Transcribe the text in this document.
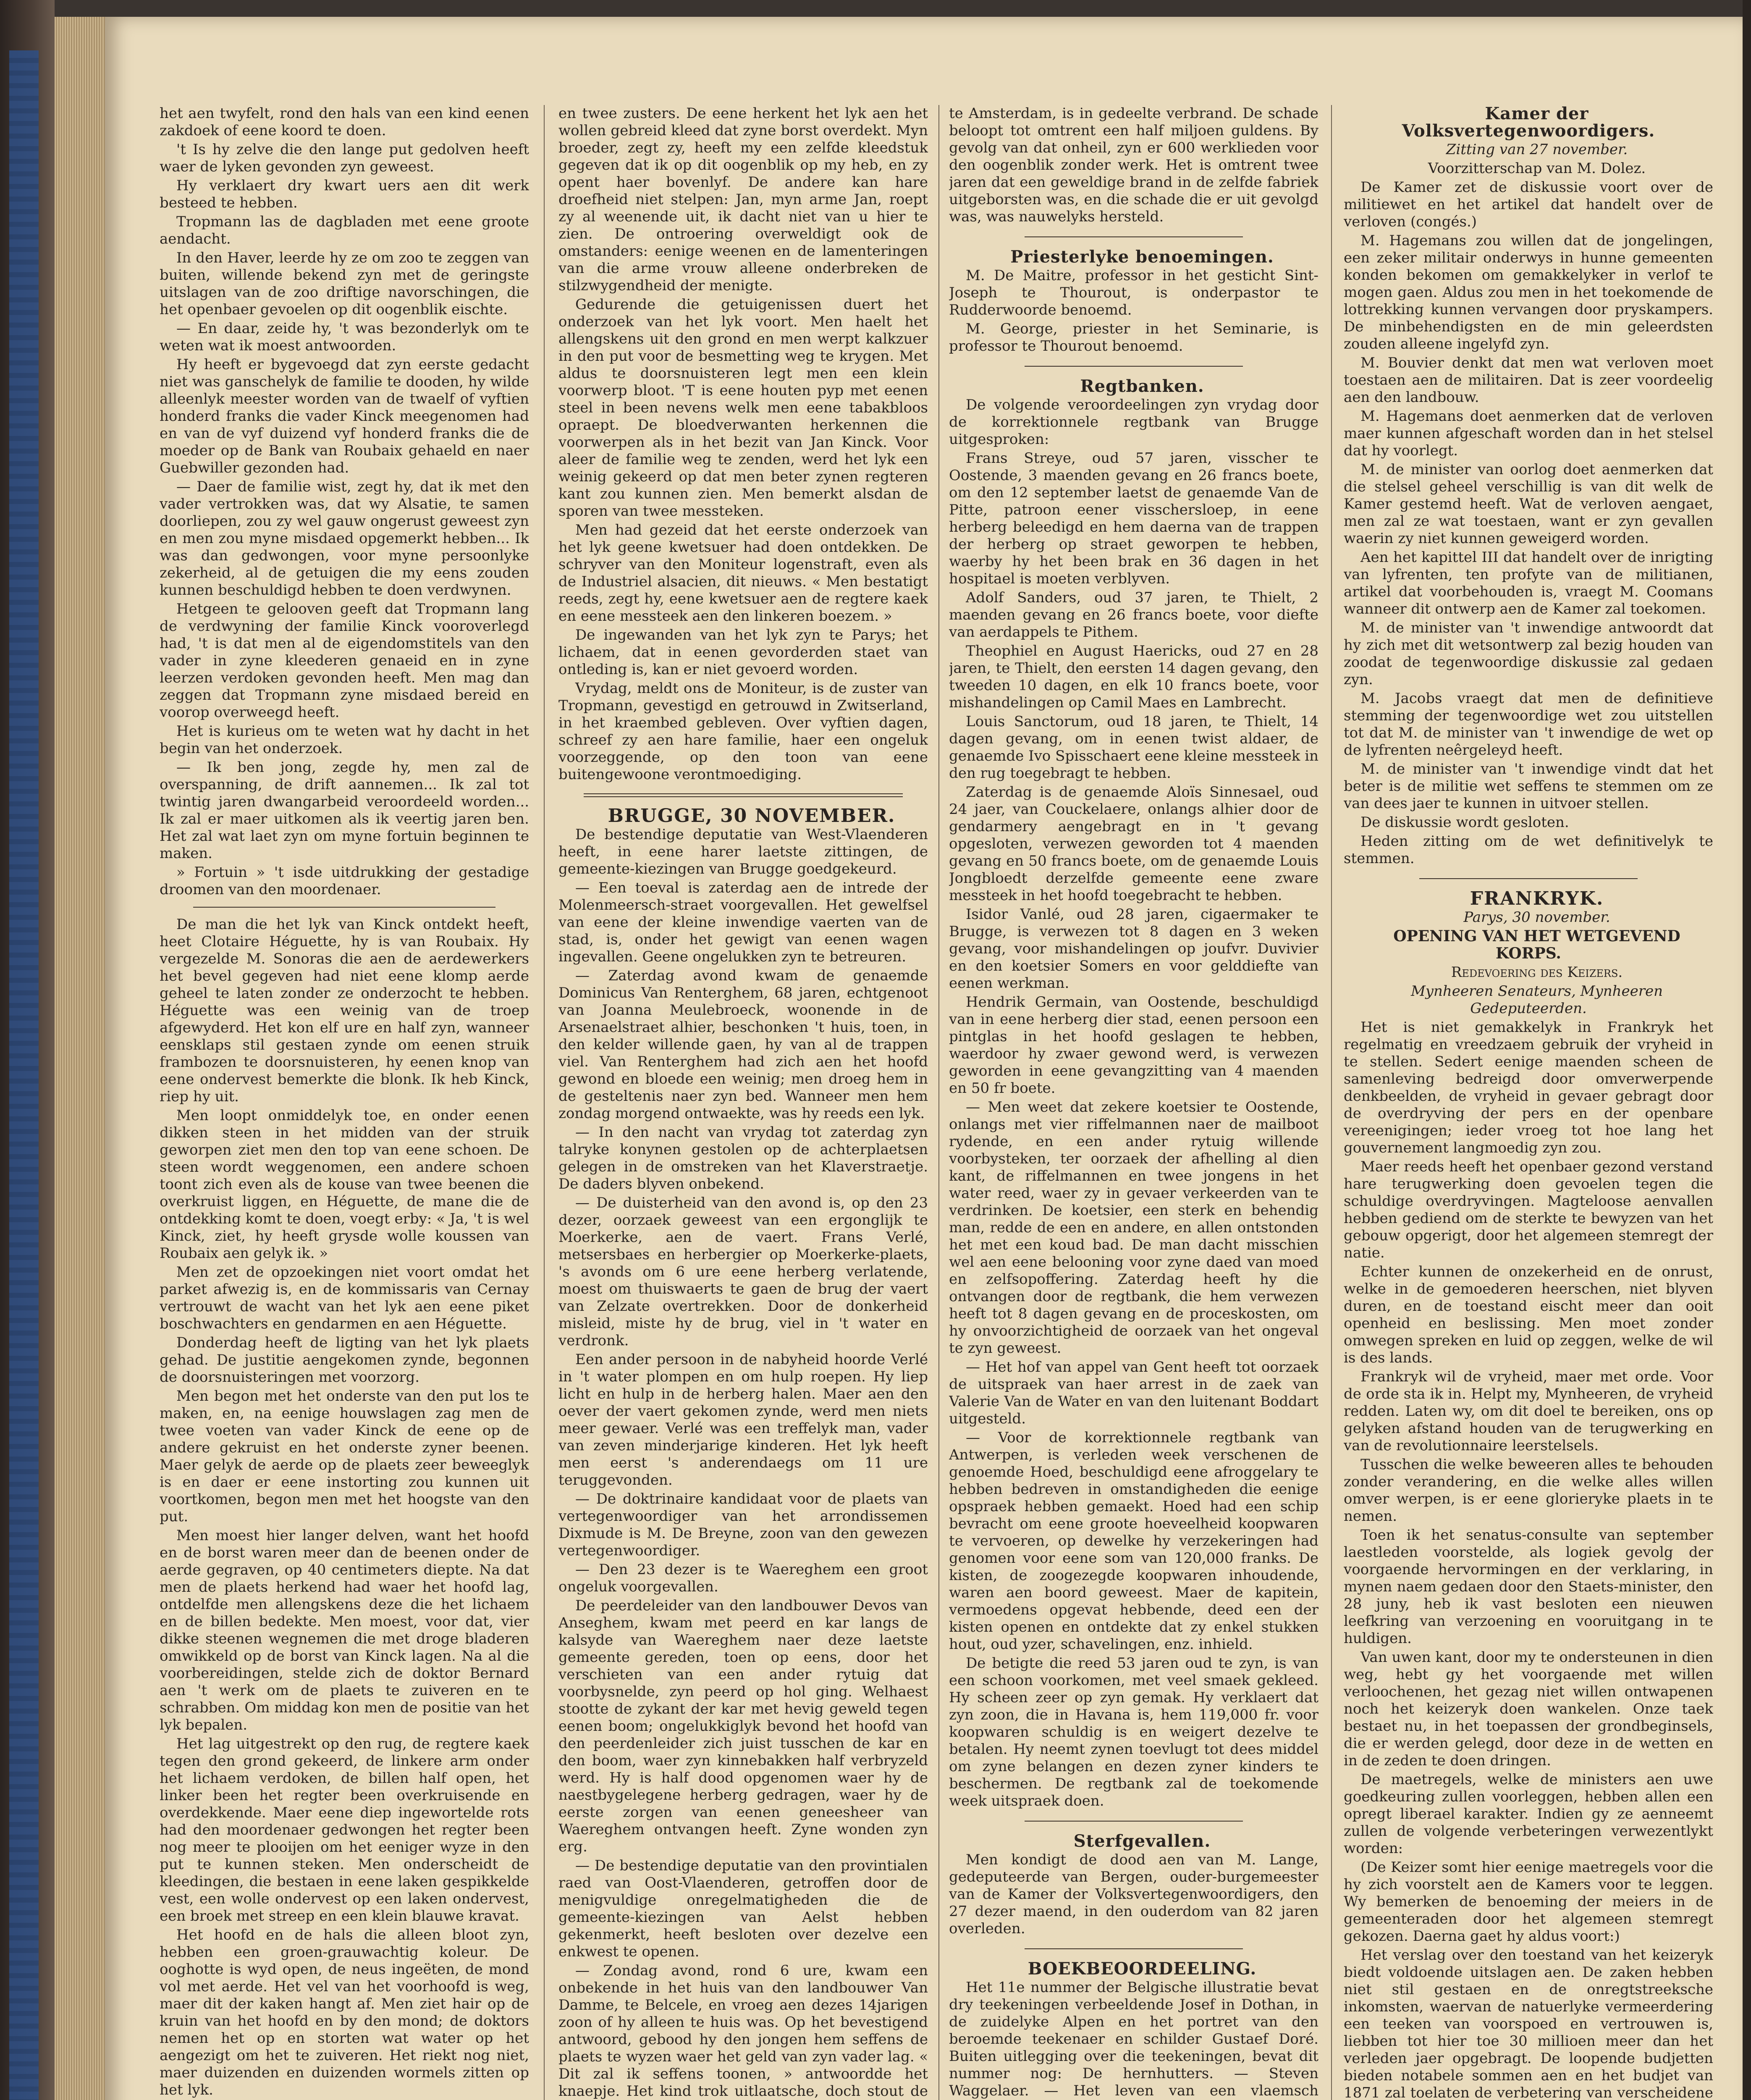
het aen twyfelt, rond den hals van een kind eenen zakdoek of eene koord te doen.

't Is hy zelve die den lange put gedolven heeft waer de lyken gevonden zyn geweest.

Hy verklaert dry kwart uers aen dit werk besteed te hebben.

Tropmann las de dagbladen met eene groote aendacht.

In den Haver, leerde hy ze om zoo te zeggen van buiten, willende bekend zyn met de geringste uitslagen van de zoo driftige navorschingen, die het openbaer gevoelen op dit oogenblik eischte.

— En daar, zeide hy, 't was bezonderlyk om te weten wat ik moest antwoorden.

Hy heeft er bygevoegd dat zyn eerste gedacht niet was ganschelyk de familie te dooden, hy wilde alleenlyk meester worden van de twaelf of vyftien honderd franks die vader Kinck meegenomen had en van de vyf duizend vyf honderd franks die de moeder op de Bank van Roubaix gehaeld en naer Guebwiller gezonden had.

— Daer de familie wist, zegt hy, dat ik met den vader vertrokken was, dat wy Alsatie, te samen doorliepen, zou zy wel gauw ongerust geweest zyn en men zou myne misdaed opgemerkt hebben... Ik was dan gedwongen, voor myne persoonlyke zekerheid, al de getuigen die my eens zouden kunnen beschuldigd hebben te doen verdwynen.

Hetgeen te gelooven geeft dat Tropmann lang de verdwyning der familie Kinck vooroverlegd had, 't is dat men al de eigendomstitels van den vader in zyne kleederen genaeid en in zyne leerzen verdoken gevonden heeft. Men mag dan zeggen dat Tropmann zyne misdaed bereid en voorop overweegd heeft.

Het is kurieus om te weten wat hy dacht in het begin van het onderzoek.

— Ik ben jong, zegde hy, men zal de overspanning, de drift aannemen... Ik zal tot twintig jaren dwangarbeid veroordeeld worden... Ik zal er maer uitkomen als ik veertig jaren ben. Het zal wat laet zyn om myne fortuin beginnen te maken.

» Fortuin » 't isde uitdrukking der gestadige droomen van den moordenaer.

De man die het lyk van Kinck ontdekt heeft, heet Clotaire Héguette, hy is van Roubaix. Hy vergezelde M. Sonoras die aen de aerdewerkers het bevel gegeven had niet eene klomp aerde geheel te laten zonder ze onderzocht te hebben. Héguette was een weinig van de troep afgewyderd. Het kon elf ure en half zyn, wanneer eensklaps stil gestaen zynde om eenen struik frambozen te doorsnuisteren, hy eenen knop van eene ondervest bemerkte die blonk. Ik heb Kinck, riep hy uit.

Men loopt onmiddelyk toe, en onder eenen dikken steen in het midden van der struik geworpen ziet men den top van eene schoen. De steen wordt weggenomen, een andere schoen toont zich even als de kouse van twee beenen die overkruist liggen, en Héguette, de mane die de ontdekking komt te doen, voegt erby: « Ja, 't is wel Kinck, ziet, hy heeft grysde wolle koussen van Roubaix aen gelyk ik. »

Men zet de opzoekingen niet voort omdat het parket afwezig is, en de kommissaris van Cernay vertrouwt de wacht van het lyk aen eene piket boschwachters en gendarmen en aen Héguette.

Donderdag heeft de ligting van het lyk plaets gehad. De justitie aengekomen zynde, begonnen de doorsnuisteringen met voorzorg.

Men begon met het onderste van den put los te maken, en, na eenige houwslagen zag men de twee voeten van vader Kinck de eene op de andere gekruist en het onderste zyner beenen. Maer gelyk de aerde op de plaets zeer beweeglyk is en daer er eene instorting zou kunnen uit voortkomen, begon men met het hoogste van den put.

Men moest hier langer delven, want het hoofd en de borst waren meer dan de beenen onder de aerde gegraven, op 40 centimeters diepte. Na dat men de plaets herkend had waer het hoofd lag, ontdelfde men allengskens deze die het lichaem en de billen bedekte. Men moest, voor dat, vier dikke steenen wegnemen die met droge bladeren omwikkeld op de borst van Kinck lagen. Na al die voorbereidingen, stelde zich de doktor Bernard aen 't werk om de plaets te zuiveren en te schrabben. Om middag kon men de positie van het lyk bepalen.

Het lag uitgestrekt op den rug, de regtere kaek tegen den grond gekeerd, de linkere arm onder het lichaem verdoken, de billen half open, het linker been het regter been overkruisende en overdekkende. Maer eene diep ingewortelde rots had den moordenaer gedwongen het regter been nog meer te plooijen om het eeniger wyze in den put te kunnen steken. Men onderscheidt de kleedingen, die bestaen in eene laken gespikkelde vest, een wolle ondervest op een laken ondervest, een broek met streep en een klein blauwe kravat.

Het hoofd en de hals die alleen bloot zyn, hebben een groen-grauwachtig koleur. De ooghotte is wyd open, de neus ingeëten, de mond vol met aerde. Het vel van het voorhoofd is weg, maer dit der kaken hangt af. Men ziet hair op de kruin van het hoofd en by den mond; de doktors nemen het op en storten wat water op het aengezigt om het te zuiveren. Het riekt nog niet, maer duizenden en duizenden wormels zitten op het lyk.

en twee zusters. De eene herkent het lyk aen het wollen gebreid kleed dat zyne borst overdekt. Myn broeder, zegt zy, heeft my een zelfde kleedstuk gegeven dat ik op dit oogenblik op my heb, en zy opent haer bovenlyf. De andere kan hare droefheid niet stelpen: Jan, myn arme Jan, roept zy al weenende uit, ik dacht niet van u hier te zien. De ontroering overweldigt ook de omstanders: eenige weenen en de lamenteringen van die arme vrouw alleene onderbreken de stilzwygendheid der menigte.

Gedurende die getuigenissen duert het onderzoek van het lyk voort. Men haelt het allengskens uit den grond en men werpt kalkzuer in den put voor de besmetting weg te krygen. Met aldus te doorsnuisteren legt men een klein voorwerp bloot. 'T is eene houten pyp met eenen steel in been nevens welk men eene tabakbloos opraept. De bloedverwanten herkennen die voorwerpen als in het bezit van Jan Kinck. Voor aleer de familie weg te zenden, werd het lyk een weinig gekeerd op dat men beter zynen regteren kant zou kunnen zien. Men bemerkt alsdan de sporen van twee messteken.

Men had gezeid dat het eerste onderzoek van het lyk geene kwetsuer had doen ontdekken. De schryver van den Moniteur logenstraft, even als de Industriel alsacien, dit nieuws. « Men bestatigt reeds, zegt hy, eene kwetsuer aen de regtere kaek en eene messteek aen den linkeren boezem. »

De ingewanden van het lyk zyn te Parys; het lichaem, dat in eenen gevorderden staet van ontleding is, kan er niet gevoerd worden.

Vrydag, meldt ons de Moniteur, is de zuster van Tropmann, gevestigd en getrouwd in Zwitserland, in het kraembed gebleven. Over vyftien dagen, schreef zy aen hare familie, haer een ongeluk voorzeggende, op den toon van eene buitengewoone verontmoediging.

BRUGGE, 30 NOVEMBER.

De bestendige deputatie van West-Vlaenderen heeft, in eene harer laetste zittingen, de gemeente-kiezingen van Brugge goedgekeurd.

— Een toeval is zaterdag aen de intrede der Molenmeersch-straet voorgevallen. Het gewelfsel van eene der kleine inwendige vaerten van de stad, is, onder het gewigt van eenen wagen ingevallen. Geene ongelukken zyn te betreuren.

— Zaterdag avond kwam de genaemde Dominicus Van Renterghem, 68 jaren, echtgenoot van Joanna Meulebroeck, woonende in de Arsenaelstraet alhier, beschonken 't huis, toen, in den kelder willende gaen, hy van al de trappen viel. Van Renterghem had zich aen het hoofd gewond en bloede een weinig; men droeg hem in de gesteltenis naer zyn bed. Wanneer men hem zondag morgend ontwaekte, was hy reeds een lyk.

— In den nacht van vrydag tot zaterdag zyn talryke konynen gestolen op de achterplaetsen gelegen in de omstreken van het Klaverstraetje. De daders blyven onbekend.

— De duisterheid van den avond is, op den 23 dezer, oorzaek geweest van een ergonglijk te Moerkerke, aen de vaert. Frans Verlé, metsersbaes en herbergier op Moerkerke-plaets, 's avonds om 6 ure eene herberg verlatende, moest om thuiswaerts te gaen de brug der vaert van Zelzate overtrekken. Door de donkerheid misleid, miste hy de brug, viel in 't water en verdronk.

Een ander persoon in de nabyheid hoorde Verlé in 't water plompen en om hulp roepen. Hy liep licht en hulp in de herberg halen. Maer aen den oever der vaert gekomen zynde, werd men niets meer gewaer. Verlé was een treffelyk man, vader van zeven minderjarige kinderen. Het lyk heeft men eerst 's anderendaegs om 11 ure teruggevonden.

— De doktrinaire kandidaat voor de plaets van vertegenwoordiger van het arrondissemen Dixmude is M. De Breyne, zoon van den gewezen vertegenwoordiger.

— Den 23 dezer is te Waereghem een groot ongeluk voorgevallen.

De peerdeleider van den landbouwer Devos van Anseghem, kwam met peerd en kar langs de kalsyde van Waereghem naer deze laetste gemeente gereden, toen op eens, door het verschieten van een ander rytuig dat voorbysnelde, zyn peerd op hol ging. Welhaest stootte de zykant der kar met hevig geweld tegen eenen boom; ongelukkiglyk bevond het hoofd van den peerdenleider zich juist tusschen de kar en den boom, waer zyn kinnebakken half verbryzeld werd. Hy is half dood opgenomen waer hy de naestbygelegene herberg gedragen, waer hy de eerste zorgen van eenen geneesheer van Waereghem ontvangen heeft. Zyne wonden zyn erg.

— De bestendige deputatie van den provintialen raed van Oost-Vlaenderen, getroffen door de menigvuldige onregelmatigheden die de gemeente-kiezingen van Aelst hebben gekenmerkt, heeft besloten over dezelve een enkwest te openen.

— Zondag avond, rond 6 ure, kwam een onbekende in het huis van den landbouwer Van Damme, te Belcele, en vroeg aen dezes 14jarigen zoon of hy alleen te huis was. Op het bevestigend antwoord, gebood hy den jongen hem seffens de plaets te wyzen waer het geld van zyn vader lag. « Dit zal ik seffens toonen, » antwoordde het knaepje. Het kind trok uitlaatsche, doch stout de

te Amsterdam, is in gedeelte verbrand. De schade beloopt tot omtrent een half miljoen guldens. By gevolg van dat onheil, zyn er 600 werklieden voor den oogenblik zonder werk. Het is omtrent twee jaren dat een geweldige brand in de zelfde fabriek uitgeborsten was, en die schade die er uit gevolgd was, was nauwelyks hersteld.

Priesterlyke benoemingen.

M. De Maitre, professor in het gesticht Sint-Joseph te Thourout, is onderpastor te Rudderwoorde benoemd.

M. George, priester in het Seminarie, is professor te Thourout benoemd.

Regtbanken.

De volgende veroordeelingen zyn vrydag door de korrektionnele regtbank van Brugge uitgesproken:

Frans Streye, oud 57 jaren, visscher te Oostende, 3 maenden gevang en 26 francs boete, om den 12 september laetst de genaemde Van de Pitte, patroon eener visschersloep, in eene herberg beleedigd en hem daerna van de trappen der herberg op straet geworpen te hebben, waerby hy het been brak en 36 dagen in het hospitael is moeten verblyven.

Adolf Sanders, oud 37 jaren, te Thielt, 2 maenden gevang en 26 francs boete, voor diefte van aerdappels te Pithem.

Theophiel en August Haericks, oud 27 en 28 jaren, te Thielt, den eersten 14 dagen gevang, den tweeden 10 dagen, en elk 10 francs boete, voor mishandelingen op Camil Maes en Lambrecht.

Louis Sanctorum, oud 18 jaren, te Thielt, 14 dagen gevang, om in eenen twist aldaer, de genaemde Ivo Spisschaert eene kleine messteek in den rug toegebragt te hebben.

Zaterdag is de genaemde Aloïs Sinnesael, oud 24 jaer, van Couckelaere, onlangs alhier door de gendarmery aengebragt en in 't gevang opgesloten, verwezen geworden tot 4 maenden gevang en 50 francs boete, om de genaemde Louis Jongbloedt derzelfde gemeente eene zware messteek in het hoofd toegebracht te hebben.

Isidor Vanlé, oud 28 jaren, cigaermaker te Brugge, is verwezen tot 8 dagen en 3 weken gevang, voor mishandelingen op joufvr. Duvivier en den koetsier Somers en voor gelddiefte van eenen werkman.

Hendrik Germain, van Oostende, beschuldigd van in eene herberg dier stad, eenen persoon een pintglas in het hoofd geslagen te hebben, waerdoor hy zwaer gewond werd, is verwezen geworden in eene gevangzitting van 4 maenden en 50 fr boete.

— Men weet dat zekere koetsier te Oostende, onlangs met vier riffelmannen naer de mailboot rydende, en een ander rytuig willende voorbysteken, ter oorzaek der afhelling al dien kant, de riffelmannen en twee jongens in het water reed, waer zy in gevaer verkeerden van te verdrinken. De koetsier, een sterk en behendig man, redde de een en andere, en allen ontstonden het met een koud bad. De man dacht misschien wel aen eene belooning voor zyne daed van moed en zelfsopoffering. Zaterdag heeft hy die ontvangen door de regtbank, die hem verwezen heeft tot 8 dagen gevang en de proceskosten, om hy onvoorzichtigheid de oorzaek van het ongeval te zyn geweest.

— Het hof van appel van Gent heeft tot oorzaek de uitspraek van haer arrest in de zaek van Valerie Van de Water en van den luitenant Boddart uitgesteld.

— Voor de korrektionnele regtbank van Antwerpen, is verleden week verschenen de genoemde Hoed, beschuldigd eene afroggelary te hebben bedreven in omstandigheden die eenige opspraek hebben gemaekt. Hoed had een schip bevracht om eene groote hoeveelheid koopwaren te vervoeren, op dewelke hy verzekeringen had genomen voor eene som van 120,000 franks. De kisten, de zoogezegde koopwaren inhoudende, waren aen boord geweest. Maer de kapitein, vermoedens opgevat hebbende, deed een der kisten openen en ontdekte dat zy enkel stukken hout, oud yzer, schavelingen, enz. inhield.

De betigte die reed 53 jaren oud te zyn, is van een schoon voorkomen, met veel smaek gekleed. Hy scheen zeer op zyn gemak. Hy verklaert dat zyn zoon, die in Havana is, hem 119,000 fr. voor koopwaren schuldig is en weigert dezelve te betalen. Hy neemt zynen toevlugt tot dees middel om zyne belangen en dezen zyner kinders te beschermen. De regtbank zal de toekomende week uitspraek doen.

Sterfgevallen.

Men kondigt de dood aen van M. Lange, gedeputeerde van Bergen, ouder-burgemeester van de Kamer der Volksvertegenwoordigers, den 27 dezer maend, in den ouderdom van 82 jaren overleden.

BOEKBEOORDEELING.

Het 11e nummer der Belgische illustratie bevat dry teekeningen verbeeldende Josef in Dothan, in de zuidelyke Alpen en het portret van den beroemde teekenaer en schilder Gustaef Doré. Buiten uitlegging over die teekeningen, bevat dit nummer nog: De hernhutters. — Steven Waggelaer. — Het leven van een vlaemsch

Kamer der Volksvertegenwoordigers.

Zitting van 27 november.

Voorzitterschap van M. Dolez.

De Kamer zet de diskussie voort over de militiewet en het artikel dat handelt over de verloven (congés.)

M. Hagemans zou willen dat de jongelingen, een zeker militair onderwys in hunne gemeenten konden bekomen om gemakkelyker in verlof te mogen gaen. Aldus zou men in het toekomende de lottrekking kunnen vervangen door pryskampers. De minbehendigsten en de min geleerdsten zouden alleene ingelyfd zyn.

M. Bouvier denkt dat men wat verloven moet toestaen aen de militairen. Dat is zeer voordeelig aen den landbouw.

M. Hagemans doet aenmerken dat de verloven maer kunnen afgeschaft worden dan in het stelsel dat hy voorlegt.

M. de minister van oorlog doet aenmerken dat die stelsel geheel verschillig is van dit welk de Kamer gestemd heeft. Wat de verloven aengaet, men zal ze wat toestaen, want er zyn gevallen waerin zy niet kunnen geweigerd worden.

Aen het kapittel III dat handelt over de inrigting van lyfrenten, ten profyte van de militianen, artikel dat voorbehouden is, vraegt M. Coomans wanneer dit ontwerp aen de Kamer zal toekomen.

M. de minister van 't inwendige antwoordt dat hy zich met dit wetsontwerp zal bezig houden van zoodat de tegenwoordige diskussie zal gedaen zyn.

M. Jacobs vraegt dat men de definitieve stemming der tegenwoordige wet zou uitstellen tot dat M. de minister van 't inwendige de wet op de lyfrenten neêrgeleyd heeft.

M. de minister van 't inwendige vindt dat het beter is de militie wet seffens te stemmen om ze van dees jaer te kunnen in uitvoer stellen.

De diskussie wordt gesloten.

Heden zitting om de wet definitivelyk te stemmen.

FRANKRYK.

Parys, 30 november.

OPENING VAN HET WETGEVEND KORPS.

Redevoering des Keizers.

Mynheeren Senateurs, Mynheeren Gedeputeerden.

Het is niet gemakkelyk in Frankryk het regelmatig en vreedzaem gebruik der vryheid in te stellen. Sedert eenige maenden scheen de samenleving bedreigd door omverwerpende denkbeelden, de vryheid in gevaer gebragt door de overdryving der pers en der openbare vereenigingen; ieder vroeg tot hoe lang het gouvernement langmoedig zyn zou.

Maer reeds heeft het openbaer gezond verstand hare terugwerking doen gevoelen tegen die schuldige overdryvingen. Magteloose aenvallen hebben gediend om de sterkte te bewyzen van het gebouw opgerigt, door het algemeen stemregt der natie.

Echter kunnen de onzekerheid en de onrust, welke in de gemoederen heerschen, niet blyven duren, en de toestand eischt meer dan ooit openheid en beslissing. Men moet zonder omwegen spreken en luid op zeggen, welke de wil is des lands.

Frankryk wil de vryheid, maer met orde. Voor de orde sta ik in. Helpt my, Mynheeren, de vryheid redden. Laten wy, om dit doel te bereiken, ons op gelyken afstand houden van de terugwerking en van de revolutionnaire leerstelsels.

Tusschen die welke beweeren alles te behouden zonder verandering, en die welke alles willen omver werpen, is er eene glorieryke plaets in te nemen.

Toen ik het senatus-consulte van september laestleden voorstelde, als logiek gevolg der voorgaende hervormingen en der verklaring, in mynen naem gedaen door den Staets-minister, den 28 juny, heb ik vast besloten een nieuwen leefkring van verzoening en vooruitgang in te huldigen.

Van uwen kant, door my te ondersteunen in dien weg, hebt gy het voorgaende met willen verloochenen, het gezag niet willen ontwapenen noch het keizeryk doen wankelen. Onze taek bestaet nu, in het toepassen der grondbeginsels, die er werden gelegd, door deze in de wetten en in de zeden te doen dringen.

De maetregels, welke de ministers aen uwe goedkeuring zullen voorleggen, hebben allen een opregt liberael karakter. Indien gy ze aenneemt zullen de volgende verbeteringen verwezentlykt worden:

(De Keizer somt hier eenige maetregels voor die hy zich voorstelt aen de Kamers voor te leggen. Wy bemerken de benoeming der meiers in de gemeenteraden door het algemeen stemregt gekozen. Daerna gaet hy aldus voort:)

Het verslag over den toestand van het keizeryk biedt voldoende uitslagen aen. De zaken hebben niet stil gestaen en de onregtstreeksche inkomsten, waervan de natuerlyke vermeerdering een teeken van voorspoed en vertrouwen is, liebben tot hier toe 30 millioen meer dan het verleden jaer opgebragt. De loopende budjetten bieden notabele sommen aen en het budjet van 1871 zal toelaten de verbetering van verscheidene
